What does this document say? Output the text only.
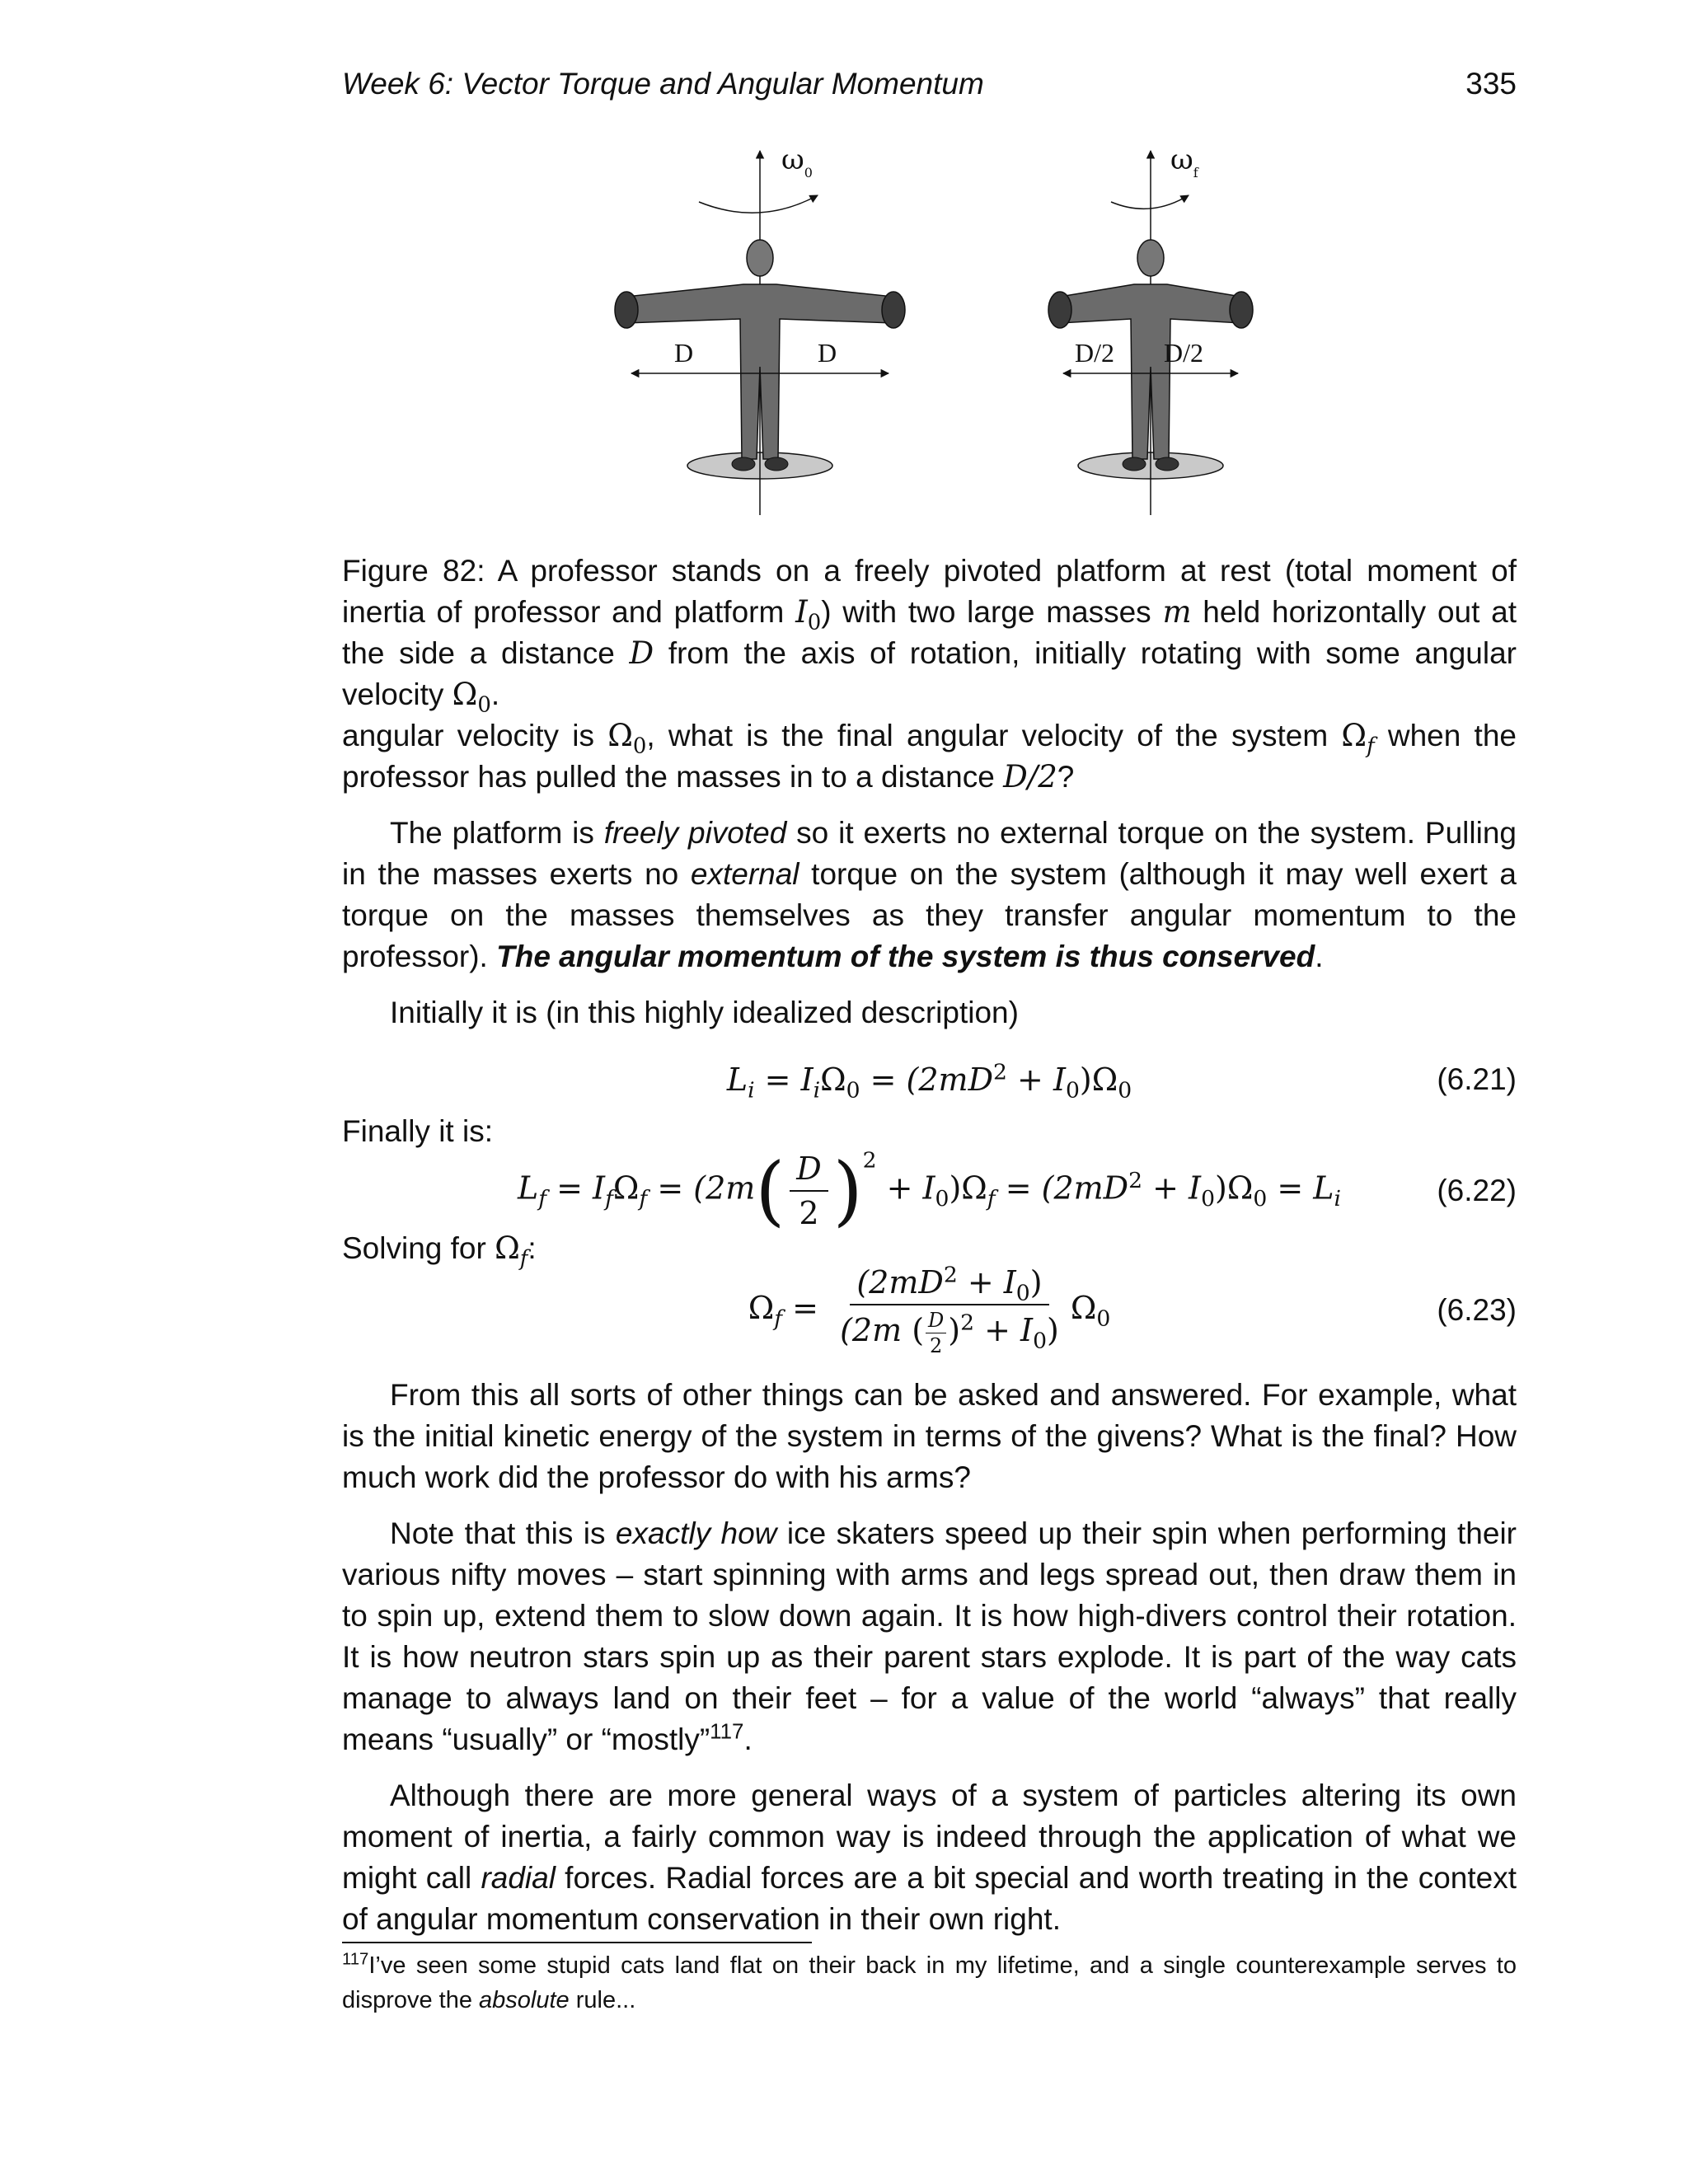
Week 6: Vector Torque and Angular Momentum	335
$\omega_0$
D	D
$\omega_f$
D/2 D/2

Figure 82: A professor stands on a freely pivoted platform at rest (total moment of inertia of professor and platform $I_0$) with two large masses m held horizontally out at the side a distance D from the axis of rotation, initially rotating with some angular velocity $\Omega_0$.

angular velocity is $\Omega_0$, what is the final angular velocity of the system $\Omega_f$ when the professor has pulled the masses in to a distance D/2?

The platform is freely pivoted so it exerts no external torque on the system. Pulling in the masses exerts no external torque on the system (although it may well exert a torque on the masses themselves as they transfer angular momentum to the professor). The angular momentum of the system is thus conserved.

Initially it is (in this highly idealized description)

$L_i = I_i\Omega_0 = (2mD^2 + I_0)\Omega_0$	(6.21)

Finally it is:

$L_f = I_f\Omega_f = (2m( \frac{D}{2} )^2 + I_0)\Omega_f = (2mD^2 + I_0)\Omega_0 = L_i$	(6.22)

Solving for $\Omega_f$:

$\Omega_f = \frac{(2mD^2 + I_0)}{(2m ( \frac{D}{2} )^2 + I_0)} \Omega_0$	(6.23)

From this all sorts of other things can be asked and answered. For example, what is the initial kinetic energy of the system in terms of the givens? What is the final? How much work did the professor do with his arms?

Note that this is exactly how ice skaters speed up their spin when performing their various nifty moves – start spinning with arms and legs spread out, then draw them in to spin up, extend them to slow down again. It is how high-divers control their rotation. It is how neutron stars spin up as their parent stars explode. It is part of the way cats manage to always land on their feet – for a value of the world “always” that really means “usually” or “mostly”$^{117}$.

Although there are more general ways of a system of particles altering its own moment of inertia, a fairly common way is indeed through the application of what we might call radial forces. Radial forces are a bit special and worth treating in the context of angular momentum conservation in their own right.

$^{117}$I’ve seen some stupid cats land flat on their back in my lifetime, and a single counterexample serves to disprove the absolute rule...
